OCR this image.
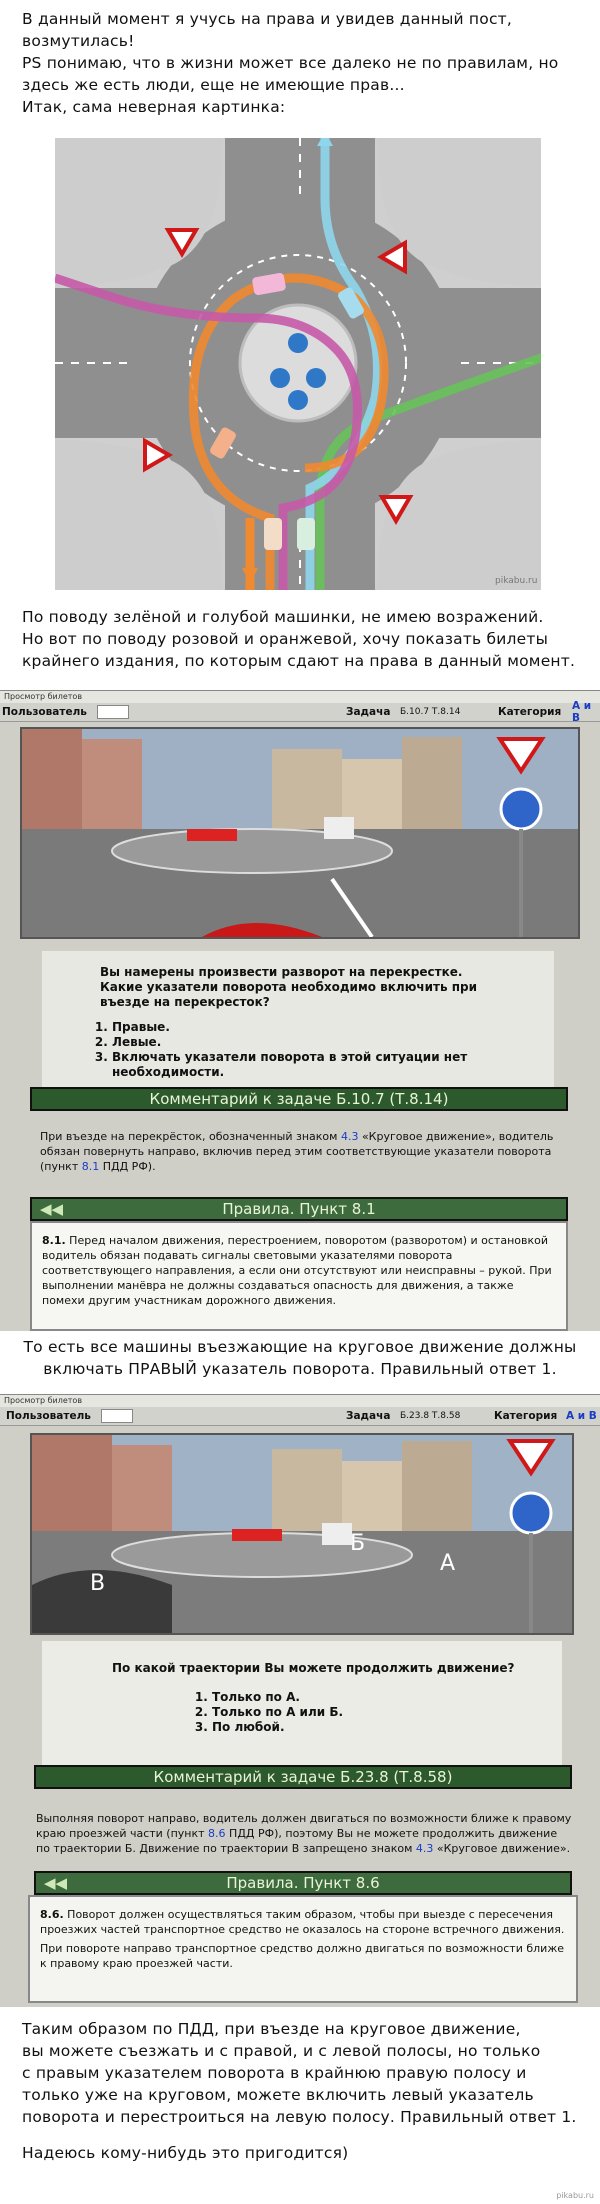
В данный момент я учусь на права и увидев данный пост,

возмутилась!

PS понимаю, что в жизни может все далеко не по правилам, но

здесь же есть люди, еще не имеющие прав...

Итак, сама неверная картинка:

pikabu.ru

По поводу зелёной и голубой машинки, не имею возражений.

Но вот по поводу розовой и оранжевой, хочу показать билеты

крайнего издания, по которым сдают на права в данный момент.

Просмотр билетов
Пользователь	Задача Б.10.7 Т.8.14	Категория А и В
Вы намерены произвести разворот на перекрестке. Какие указатели поворота необходимо включить при въезде на перекресток?
1. Правые.
2. Левые.
3. Включать указатели поворота в этой ситуации нет необходимости.
Комментарий к задаче Б.10.7 (Т.8.14)
При въезде на перекрёсток, обозначенный знаком 4.3 «Круговое движение», водитель обязан повернуть направо, включив перед этим соответствующие указатели поворота (пункт 8.1 ПДД РФ).
◀◀	Правила. Пункт 8.1

8.1. Перед началом движения, перестроением, поворотом (разворотом) и остановкой водитель обязан подавать сигналы световыми указателями поворота соответствующего направления, а если они отсутствуют или неисправны – рукой. При выполнении манёвра не должны создаваться опасность для движения, а также помехи другим участникам дорожного движения.

То есть все машины въезжающие на круговое движение должны

включать ПРАВЫЙ указатель поворота. Правильный ответ 1.

Просмотр билетов
Пользователь	Задача Б.23.8 Т.8.58	Категория А и В
В
Б
А
По какой траектории Вы можете продолжить движение?
1. Только по А.
2. Только по А или Б.
3. По любой.
Комментарий к задаче Б.23.8 (Т.8.58)
Выполняя поворот направо, водитель должен двигаться по возможности ближе к правому краю проезжей части (пункт 8.6 ПДД РФ), поэтому Вы не можете продолжить движение по траектории Б. Движение по траектории В запрещено знаком 4.3 «Круговое движение».
◀◀	Правила. Пункт 8.6

8.6. Поворот должен осуществляться таким образом, чтобы при выезде с пересечения проезжих частей транспортное средство не оказалось на стороне встречного движения.

При повороте направо транспортное средство должно двигаться по возможности ближе к правому краю проезжей части.

Таким образом по ПДД, при въезде на круговое движение,

вы можете съезжать и с правой, и с левой полосы, но только

с правым указателем поворота в крайнюю правую полосу и

только уже на круговом, можете включить левый указатель

поворота и перестроиться на левую полосу. Правильный ответ 1.

Надеюсь кому-нибудь это пригодится)

pikabu.ru
